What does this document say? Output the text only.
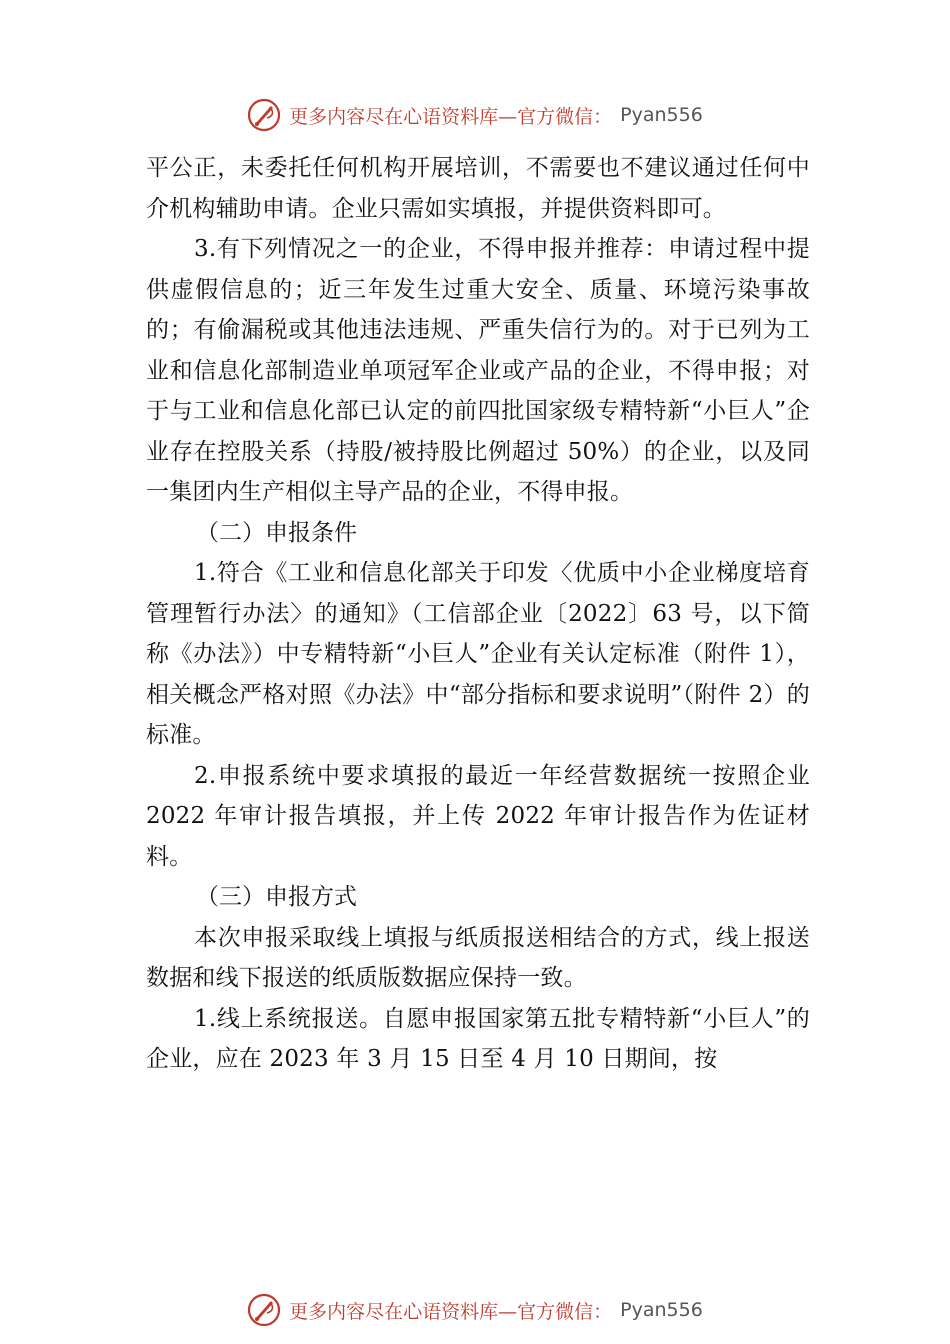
更多内容尽在心语资料库—官方微信： Pyan556

平公正，未委托任何机构开展培训，不需要也不建议通过任何中介机构辅助申请。企业只需如实填报，并提供资料即可。

3.有下列情况之一的企业，不得申报并推荐：申请过程中提供虚假信息的；近三年发生过重大安全、质量、环境污染事故的；有偷漏税或其他违法违规、严重失信行为的。对于已列为工业和信息化部制造业单项冠军企业或产品的企业，不得申报；对于与工业和信息化部已认定的前四批国家级专精特新“小巨人”企业存在控股关系（持股/被持股比例超过 50%）的企业，以及同一集团内生产相似主导产品的企业，不得申报。

（二）申报条件

1.符合《工业和信息化部关于印发〈优质中小企业梯度培育管理暂行办法〉的通知》（工信部企业〔2022〕63 号，以下简称《办法》）中专精特新“小巨人”企业有关认定标准（附件 1），相关概念严格对照《办法》中“部分指标和要求说明”（附件 2）的标准。

2.申报系统中要求填报的最近一年经营数据统一按照企业 2022 年审计报告填报，并上传 2022 年审计报告作为佐证材料。

（三）申报方式

本次申报采取线上填报与纸质报送相结合的方式，线上报送数据和线下报送的纸质版数据应保持一致。

1.线上系统报送。自愿申报国家第五批专精特新“小巨人”的企业，应在 2023 年 3 月 15 日至 4 月 10 日期间，按

更多内容尽在心语资料库—官方微信： Pyan556
